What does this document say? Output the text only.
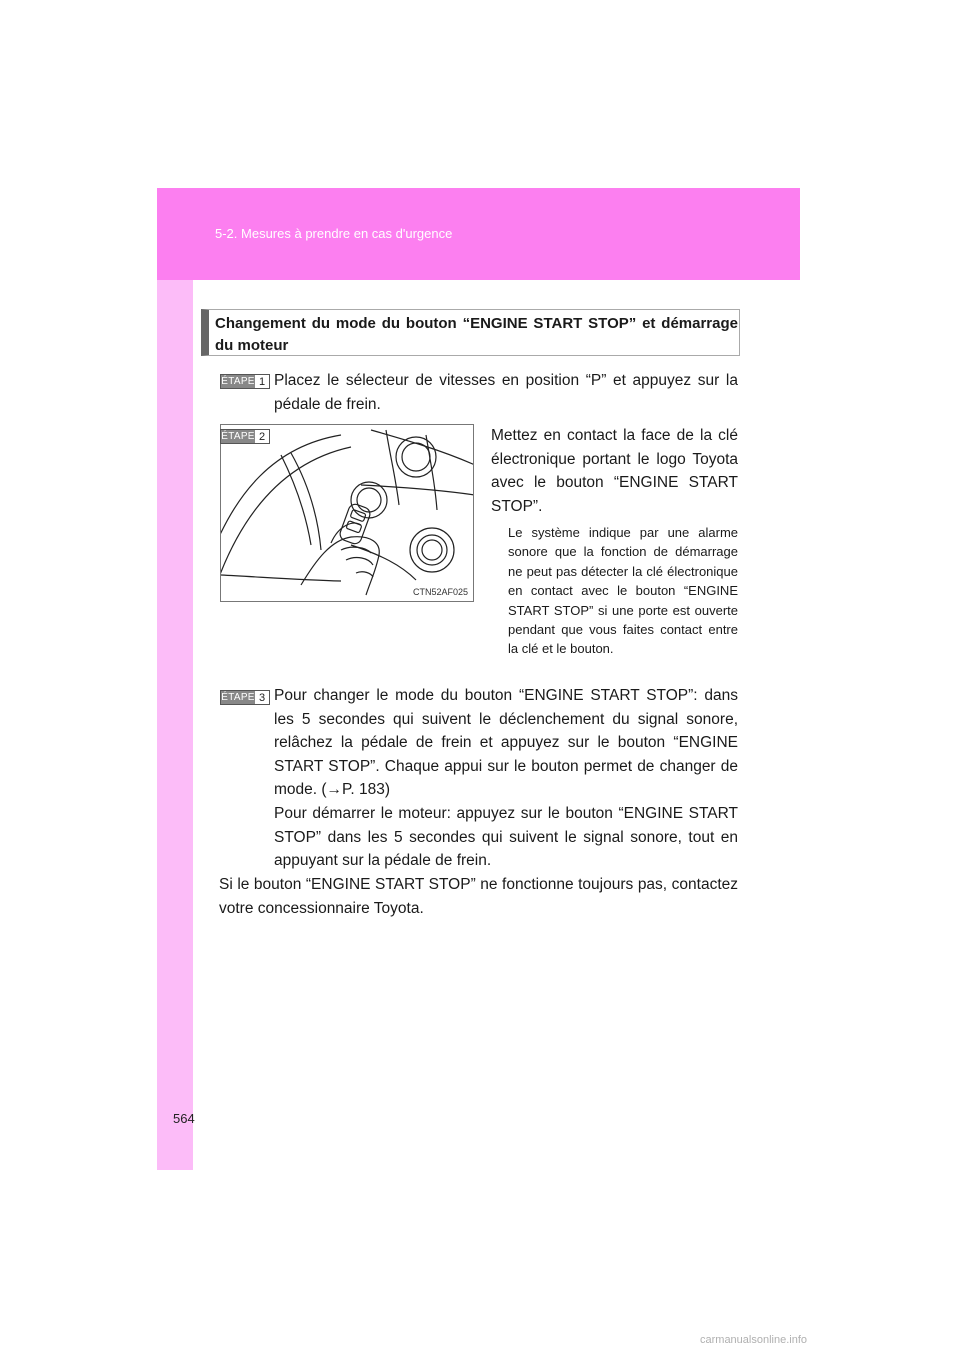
5-2. Mesures à prendre en cas d'urgence
Changement du mode du bouton “ENGINE START STOP” et démarrage du moteur
ÉTAPE 1 Placez le sélecteur de vitesses en position “P” et appuyez sur la pédale de frein.
CTN52AF025
ÉTAPE 2	Mettez en contact la face de la clé électronique portant le logo Toyota avec le bouton “ENGINE START STOP”.
Le système indique par une alarme sonore que la fonction de démarrage ne peut pas détecter la clé électronique en contact avec le bouton “ENGINE START STOP” si une porte est ouverte pendant que vous faites contact entre la clé et le bouton.
ÉTAPE 3 Pour changer le mode du bouton “ENGINE START STOP”: dans les 5 secondes qui suivent le déclenchement du signal sonore, relâchez la pédale de frein et appuyez sur le bouton “ENGINE START STOP”. Chaque appui sur le bouton permet de changer de mode. (→P. 183)

Pour démarrer le moteur: appuyez sur le bouton “ENGINE START STOP” dans les 5 secondes qui suivent le signal sonore, tout en appuyant sur la pédale de frein.

Si le bouton “ENGINE START STOP” ne fonctionne toujours pas, contactez votre concessionnaire Toyota.
564
carmanualsonline.info
